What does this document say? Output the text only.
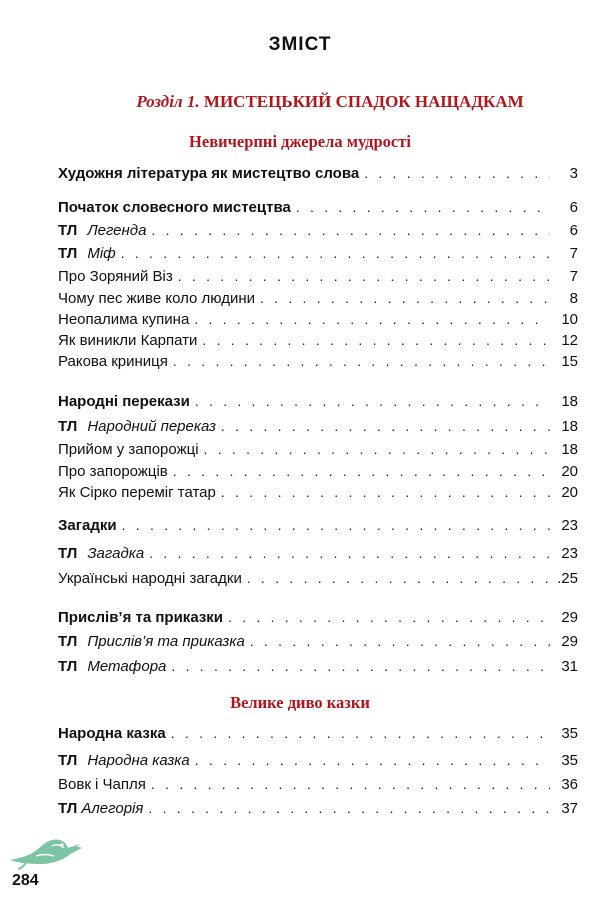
ЗМІСТ
Розділ 1. МИСТЕЦЬКИЙ СПАДОК НАЩАДКАМ
Невичерпні джерела мудрості
Велике диво казки
Художня література як мистецтво слова . . .	3
Початок словесного мистецтва . . .	6
ТЛ Легенда . . .	6
ТЛ Міф . . .	7
Про Зоряний Віз . . .	7
Чому пес живе коло людини . . .	8
Неопалима купина . . .	10
Як виникли Карпати . . .	12
Ракова криниця . . .	15
Народні перекази . . .	18
ТЛ Народний переказ . . .	18
Прийом у запорожці . . .	18
Про запорожців . . .	20
Як Сірко переміг татар . . .	20
Загадки . . .	23
ТЛ Загадка . . .	23
Українські народні загадки . . .	.25
Прислів’я та приказки . . .	29
ТЛ Прислів’я та приказка . . .	29
ТЛ Метафора . . .	31
Народна казка . . .	35
ТЛ Народна казка . . .	35
Вовк і Чапля . . .	36
ТЛ Алегорія . . .	37
284
